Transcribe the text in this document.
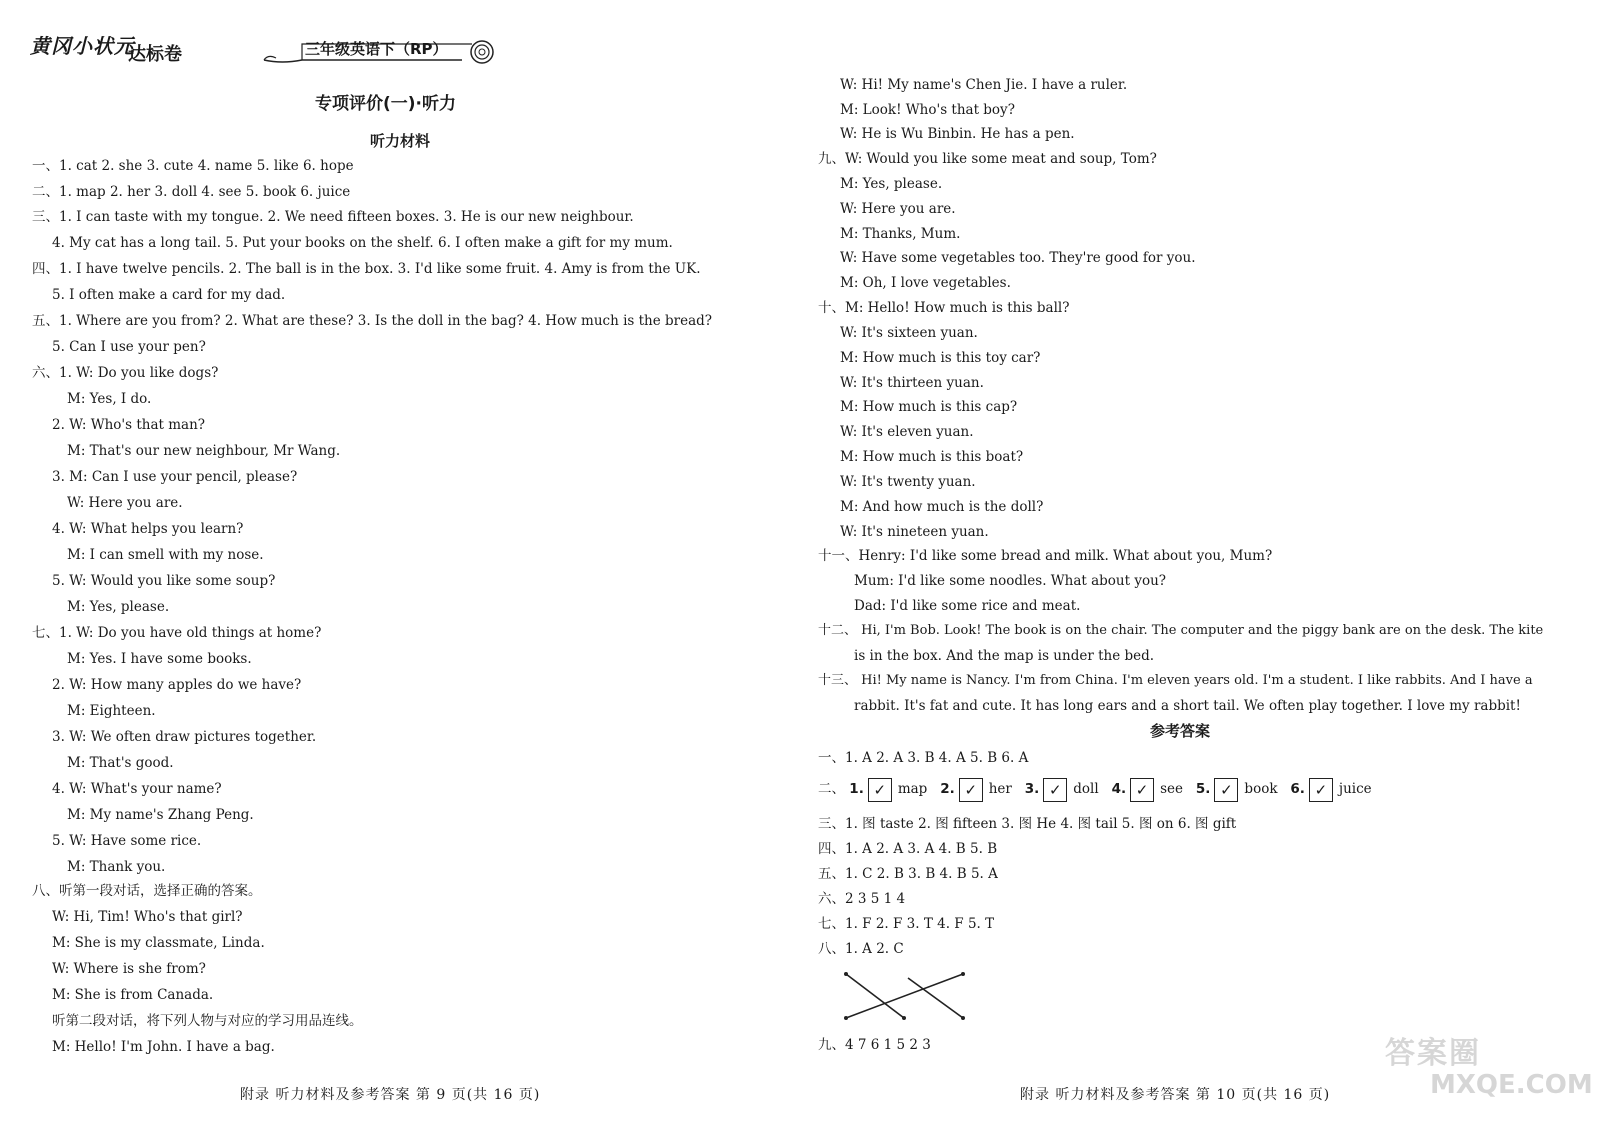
黄冈小状元
达标卷	三年级英语下（RP）
专项评价(一)·听力
听力材料
一、1. cat 2. she 3. cute 4. name 5. like 6. hope
二、1. map 2. her 3. doll 4. see 5. book 6. juice
三、1. I can taste with my tongue. 2. We need fifteen boxes. 3. He is our new neighbour.
4. My cat has a long tail. 5. Put your books on the shelf. 6. I often make a gift for my mum.
四、1. I have twelve pencils. 2. The ball is in the box. 3. I'd like some fruit. 4. Amy is from the UK.
5. I often make a card for my dad.
五、1. Where are you from? 2. What are these? 3. Is the doll in the bag? 4. How much is the bread?
5. Can I use your pen?
六、1. W: Do you like dogs?
M: Yes, I do.
2. W: Who's that man?
M: That's our new neighbour, Mr Wang.
3. M: Can I use your pencil, please?
W: Here you are.
4. W: What helps you learn?
M: I can smell with my nose.
5. W: Would you like some soup?
M: Yes, please.
七、1. W: Do you have old things at home?
M: Yes. I have some books.
2. W: How many apples do we have?
M: Eighteen.
3. W: We often draw pictures together.
M: That's good.
4. W: What's your name?
M: My name's Zhang Peng.
5. W: Have some rice.
M: Thank you.
八、听第一段对话，选择正确的答案。
W: Hi, Tim! Who's that girl?
M: She is my classmate, Linda.
W: Where is she from?
M: She is from Canada.
听第二段对话，将下列人物与对应的学习用品连线。
M: Hello! I'm John. I have a bag.
附录 听力材料及参考答案 第 9 页(共 16 页)
W: Hi! My name's Chen Jie. I have a ruler.
M: Look! Who's that boy?
W: He is Wu Binbin. He has a pen.
九、W: Would you like some meat and soup, Tom?
M: Yes, please.
W: Here you are.
M: Thanks, Mum.
W: Have some vegetables too. They're good for you.
M: Oh, I love vegetables.
十、M: Hello! How much is this ball?
W: It's sixteen yuan.
M: How much is this toy car?
W: It's thirteen yuan.
M: How much is this cap?
W: It's eleven yuan.
M: How much is this boat?
W: It's twenty yuan.
M: And how much is the doll?
W: It's nineteen yuan.
十一、Henry: I'd like some bread and milk. What about you, Mum?
Mum: I'd like some noodles. What about you?
Dad: I'd like some rice and meat.
十二、 Hi, I'm Bob. Look! The book is on the chair. The computer and the piggy bank are on the desk. The kite
is in the box. And the map is under the bed.
十三、 Hi! My name is Nancy. I'm from China. I'm eleven years old. I'm a student. I like rabbits. And I have a
rabbit. It's fat and cute. It has long ears and a short tail. We often play together. I love my rabbit!
参考答案
一、1. A 2. A 3. B 4. A 5. B 6. A
二、 1. ✓ map 2. ✓ her 3. ✓ doll 4. ✓ see 5. ✓ book 6. ✓ juice
三、1. 图 taste 2. 图 fifteen 3. 图 He 4. 图 tail 5. 图 on 6. 图 gift
四、1. A 2. A 3. A 4. B 5. B
五、1. C 2. B 3. B 4. B 5. A
六、2 3 5 1 4
七、1. F 2. F 3. T 4. F 5. T
八、1. A 2. C
九、4 7 6 1 5 2 3
附录 听力材料及参考答案 第 10 页(共 16 页)
答案圈
MXQE.COM
